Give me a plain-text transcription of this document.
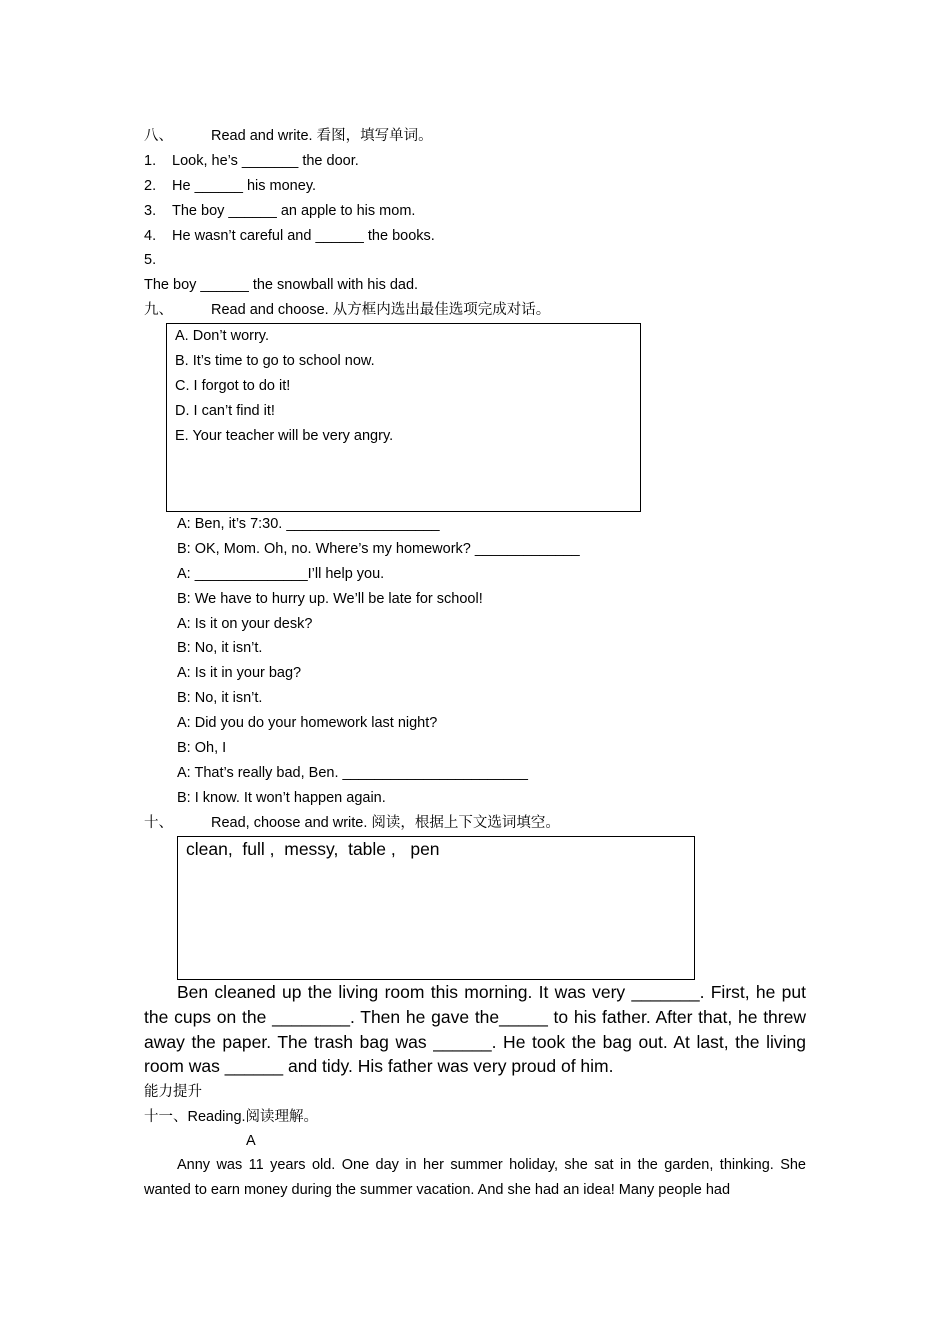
八、	Read and write. 看图，填写单词。
1. Look, he’s _______ the door.
2. He ______ his money.
3. The boy ______ an apple to his mom.
4. He wasn’t careful and ______ the books.
5.
The boy ______ the snowball with his dad.
九、	Read and choose. 从方框内选出最佳选项完成对话。
A. Don’t worry.
B. It’s time to go to school now.
C. I forgot to do it!
D. I can’t find it!
E. Your teacher will be very angry.
A: Ben, it’s 7:30. ___________________
B: OK, Mom. Oh, no. Where’s my homework? _____________
A: ______________I’ll help you.
B: We have to hurry up. We’ll be late for school!
A: Is it on your desk?
B: No, it isn’t.
A: Is it in your bag?
B: No, it isn’t.
A: Did you do your homework last night?
B: Oh, I
A: That’s really bad, Ben. _______________________
B: I know. It won’t happen again.
十、	Read, choose and write. 阅读，根据上下文选词填空。
clean,  full ,  messy,  table ,   pen
Ben cleaned up the living room this morning. It was very _______. First, he put the cups on the ________. Then he gave the_____ to his father. After that, he threw away the paper. The trash bag was ______. He took the bag out. At last, the living room was ______ and tidy. His father was very proud of him.
能力提升
十一、Reading.阅读理解。
A
Anny was 11 years old. One day in her summer holiday, she sat in the garden, thinking. She wanted to earn money during the summer vacation. And she had an idea! Many people had
